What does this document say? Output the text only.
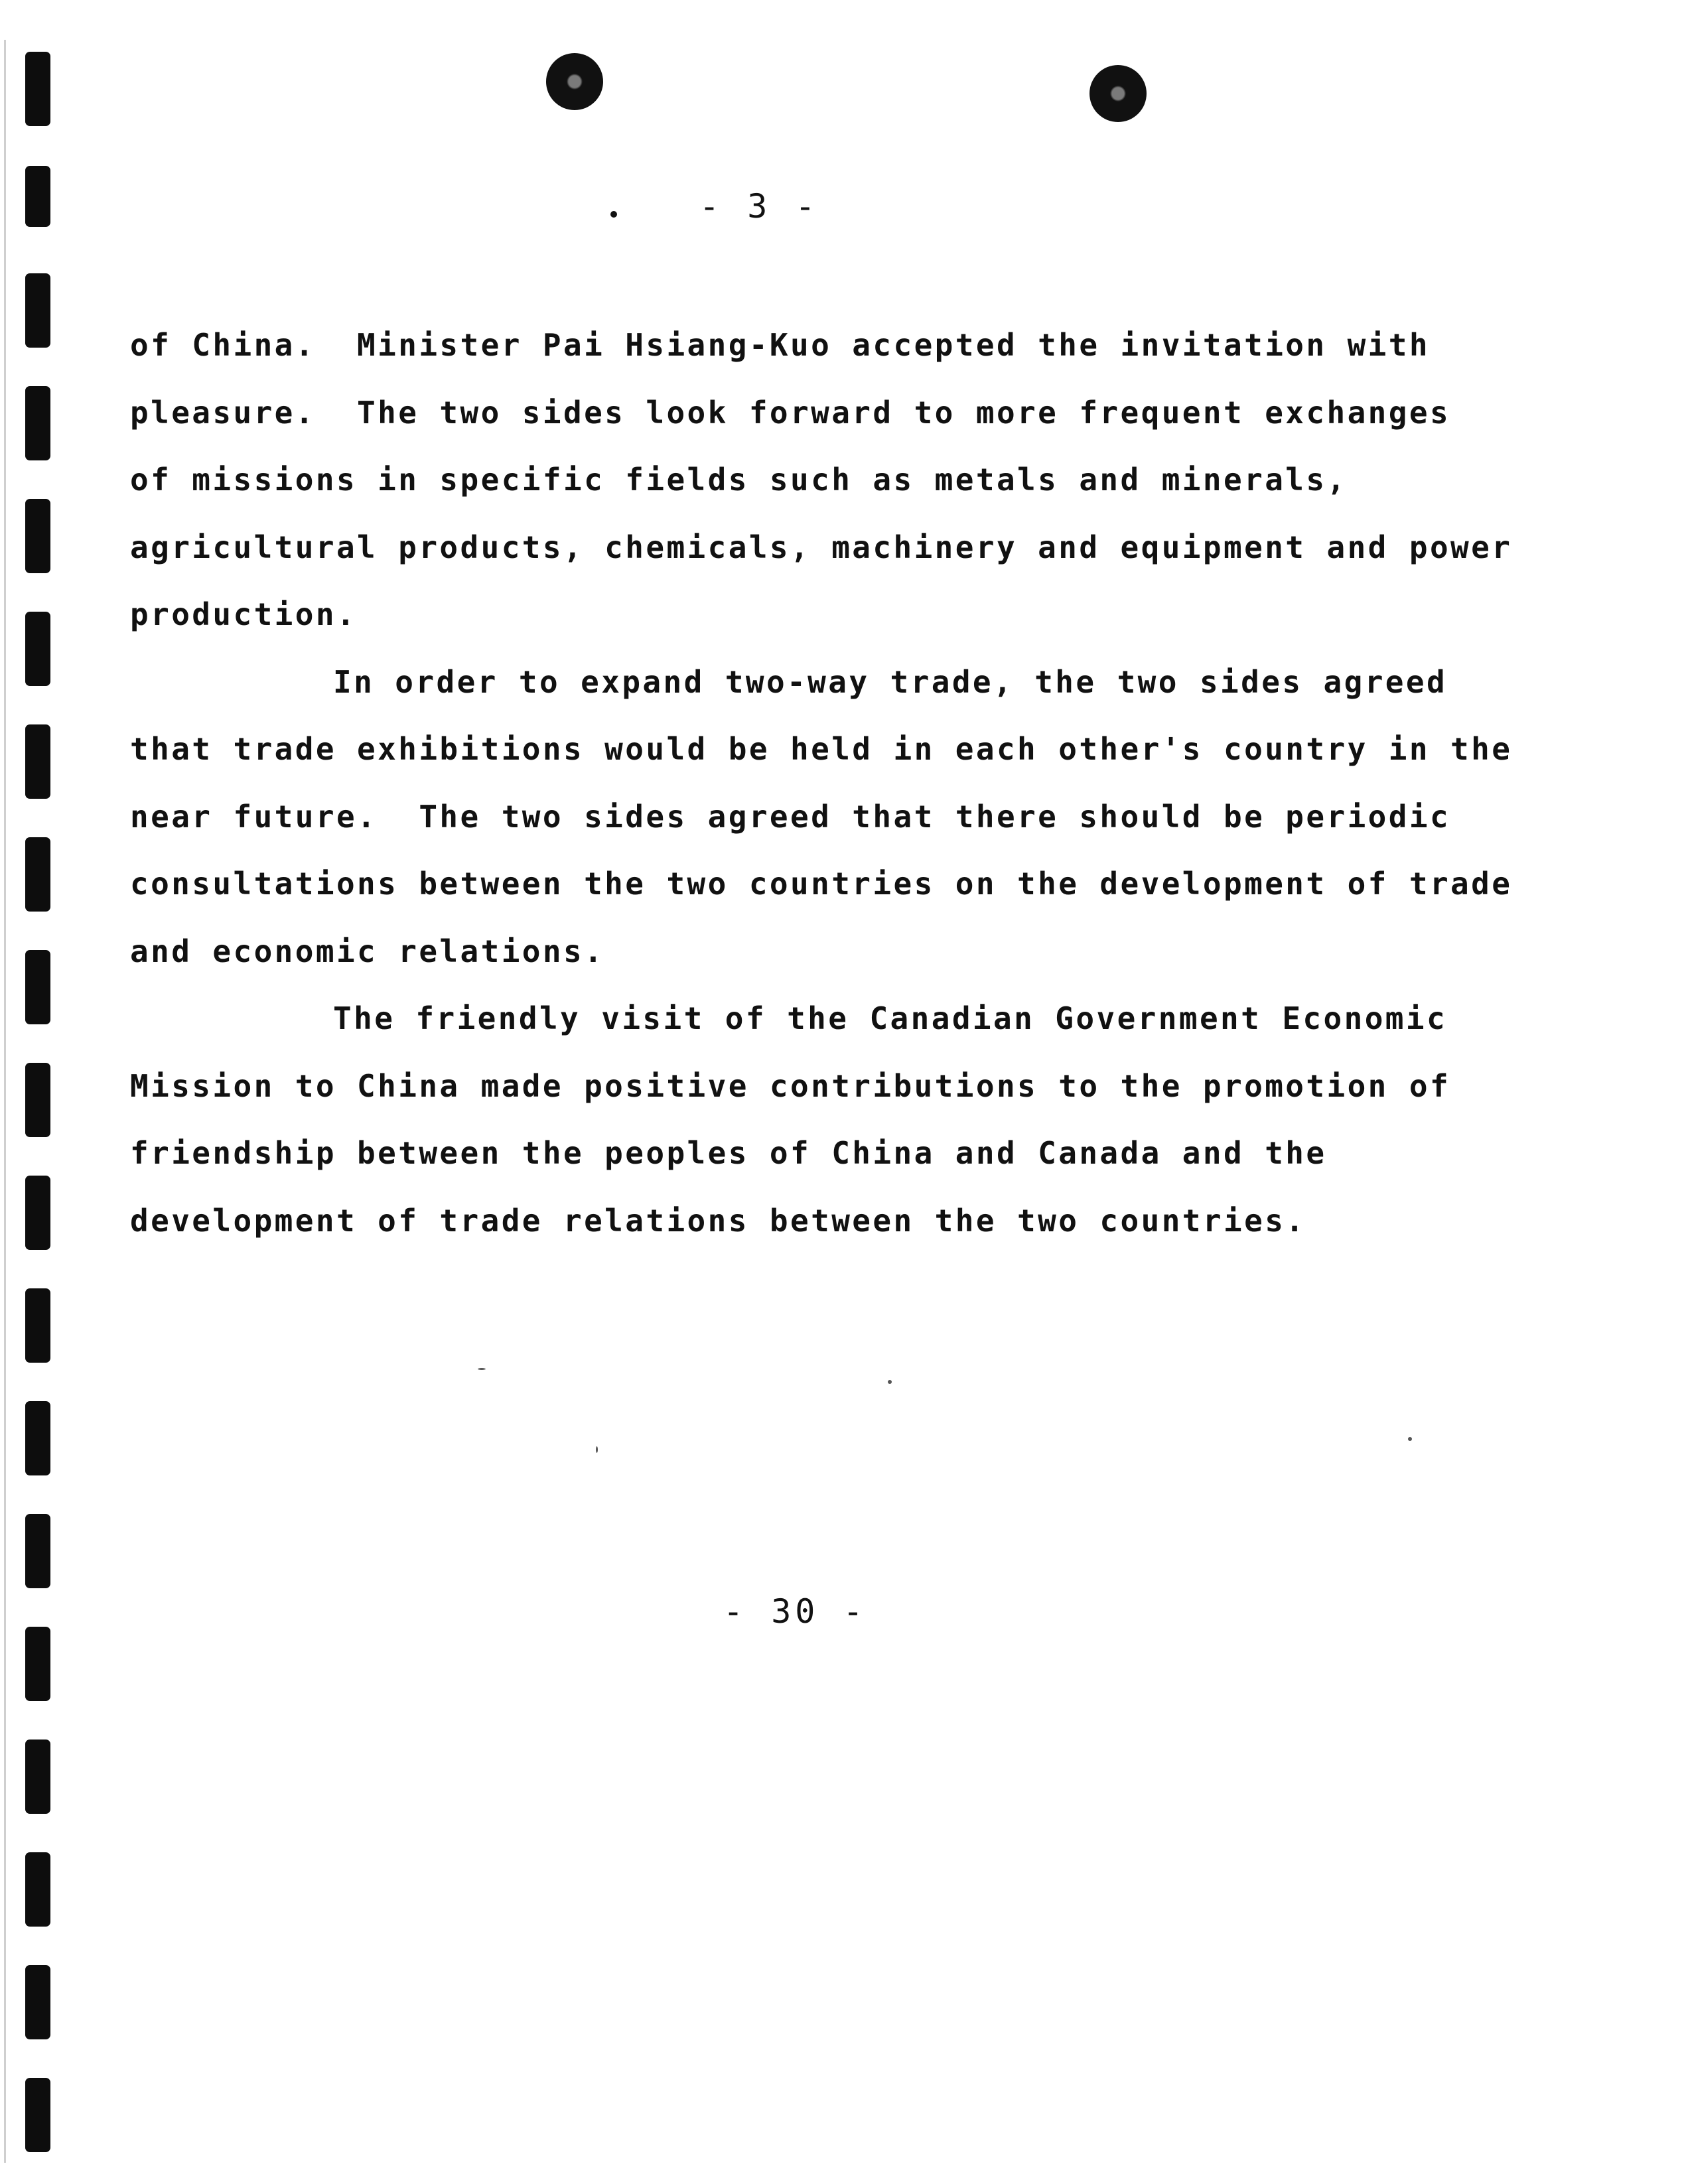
- 3 -
of China.  Minister Pai Hsiang-Kuo accepted the invitation with
pleasure.  The two sides look forward to more frequent exchanges
of missions in specific fields such as metals and minerals,
agricultural products, chemicals, machinery and equipment and power
production.
In order to expand two-way trade, the two sides agreed
that trade exhibitions would be held in each other's country in the
near future.  The two sides agreed that there should be periodic
consultations between the two countries on the development of trade
and economic relations.
The friendly visit of the Canadian Government Economic
Mission to China made positive contributions to the promotion of
friendship between the peoples of China and Canada and the
development of trade relations between the two countries.
- 30 -
